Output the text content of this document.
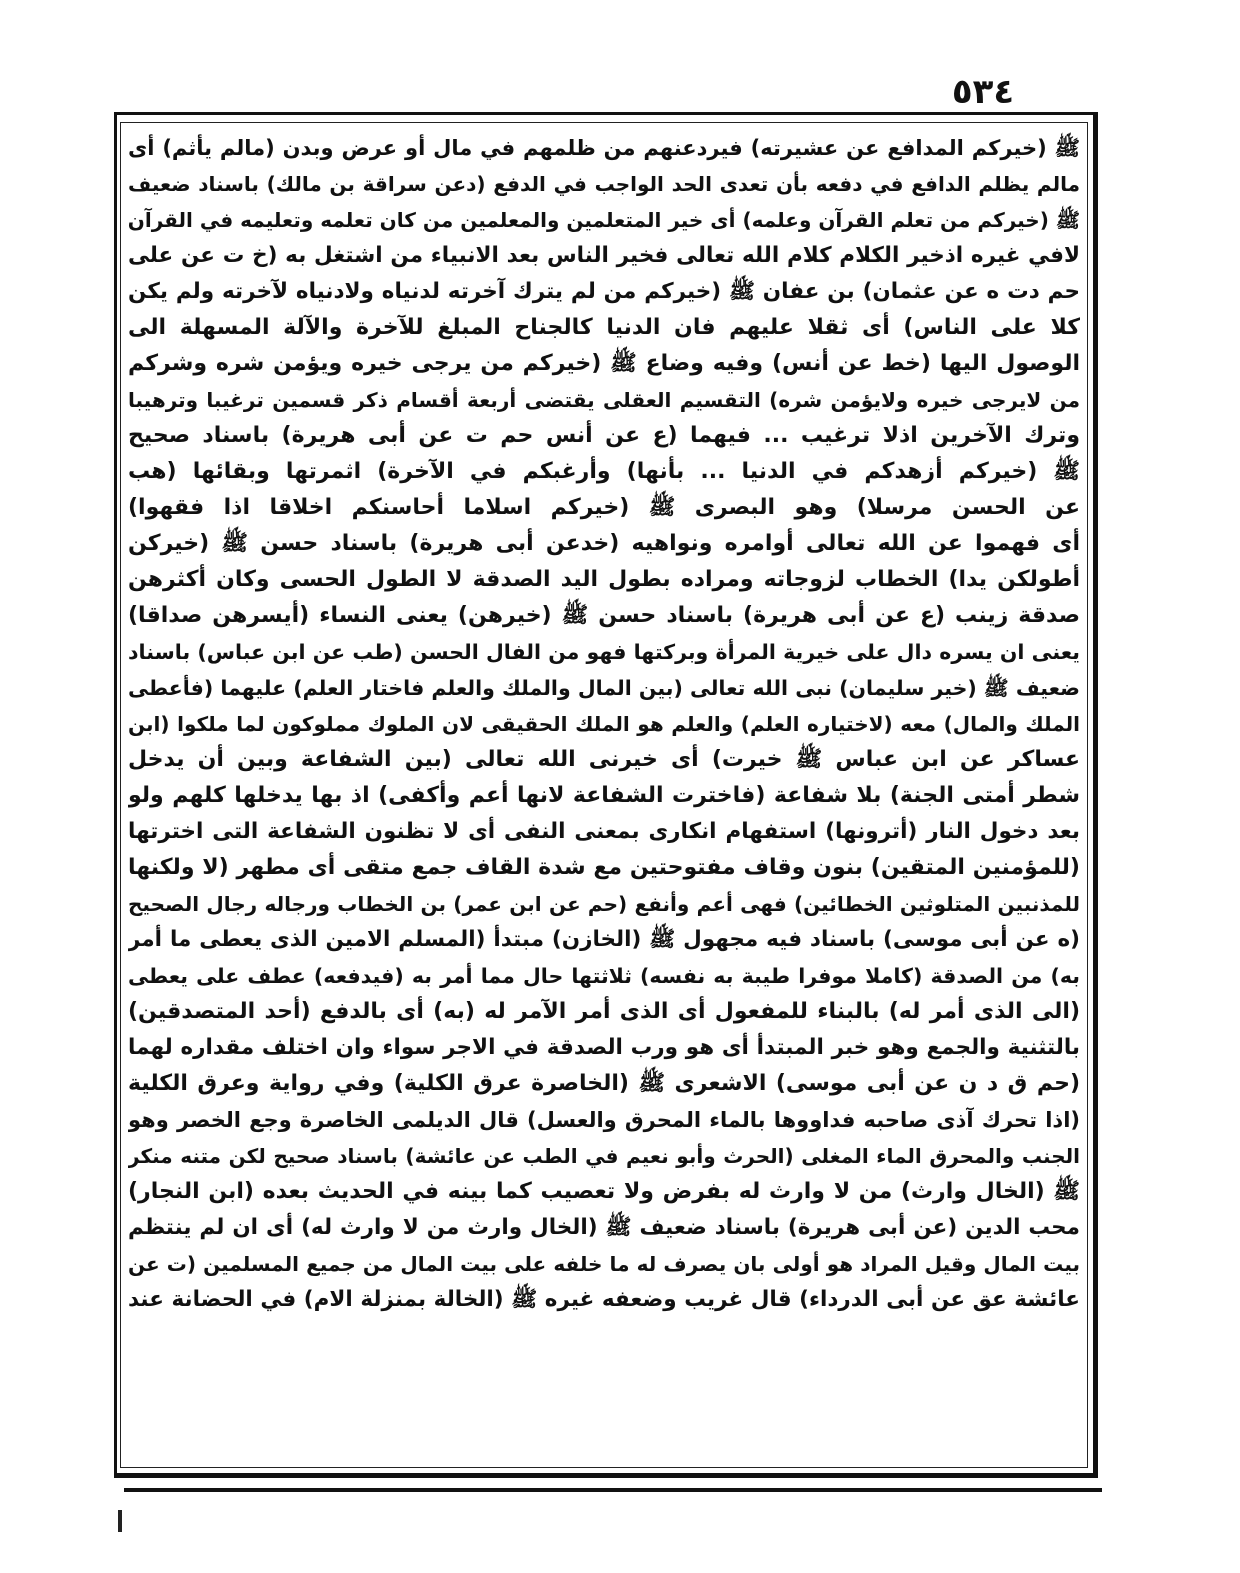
٥٣٤
ﷺ (خيركم المدافع عن عشيرته) فيردعنهم من ظلمهم في مال أو عرض وبدن (مالم يأثم) أى
مالم يظلم الدافع في دفعه بأن تعدى الحد الواجب في الدفع (دعن سراقة بن مالك) باسناد ضعيف
ﷺ (خيركم من تعلم القرآن وعلمه) أى خير المتعلمين والمعلمين من كان تعلمه وتعليمه في القرآن
لافي غيره اذخير الكلام كلام الله تعالى فخير الناس بعد الانبياء من اشتغل به (خ ت عن على
حم دت ه عن عثمان) بن عفان ﷺ (خيركم من لم يترك آخرته لدنياه ولادنياه لآخرته ولم يكن
كلا على الناس) أى ثقلا عليهم فان الدنيا كالجناح المبلغ للآخرة والآلة المسهلة الى
الوصول اليها (خط عن أنس) وفيه وضاع ﷺ (خيركم من يرجى خيره ويؤمن شره وشركم
من لايرجى خيره ولايؤمن شره) التقسيم العقلى يقتضى أربعة أقسام ذكر قسمين ترغيبا وترهيبا
وترك الآخرين اذلا ترغيب ... فيهما (ع عن أنس حم ت عن أبى هريرة) باسناد صحيح
ﷺ (خيركم أزهدكم في الدنيا ... بأنها) وأرغبكم في الآخرة) اثمرتها وبقائها (هب
عن الحسن مرسلا) وهو البصرى ﷺ (خيركم اسلاما أحاسنكم اخلاقا اذا فقهوا)
أى فهموا عن الله تعالى أوامره ونواهيه (خدعن أبى هريرة) باسناد حسن ﷺ (خيركن
أطولكن يدا) الخطاب لزوجاته ومراده بطول اليد الصدقة لا الطول الحسى وكان أكثرهن
صدقة زينب (ع عن أبى هريرة) باسناد حسن ﷺ (خيرهن) يعنى النساء (أيسرهن صداقا)
يعنى ان يسره دال على خيرية المرأة وبركتها فهو من الفال الحسن (طب عن ابن عباس) باسناد
ضعيف ﷺ (خير سليمان) نبى الله تعالى (بين المال والملك والعلم فاختار العلم) عليهما (فأعطى
الملك والمال) معه (لاختياره العلم) والعلم هو الملك الحقيقى لان الملوك مملوكون لما ملكوا (ابن
عساكر عن ابن عباس ﷺ خيرت) أى خيرنى الله تعالى (بين الشفاعة وبين أن يدخل
شطر أمتى الجنة) بلا شفاعة (فاخترت الشفاعة لانها أعم وأكفى) اذ بها يدخلها كلهم ولو
بعد دخول النار (أترونها) استفهام انكارى بمعنى النفى أى لا تظنون الشفاعة التى اخترتها
(للمؤمنين المتقين) بنون وقاف مفتوحتين مع شدة القاف جمع متقى أى مطهر (لا ولكنها
للمذنبين المتلوثين الخطائين) فهى أعم وأنفع (حم عن ابن عمر) بن الخطاب ورجاله رجال الصحيح
(ه عن أبى موسى) باسناد فيه مجهول ﷺ (الخازن) مبتدأ (المسلم الامين الذى يعطى ما أمر
به) من الصدقة (كاملا موفرا طيبة به نفسه) ثلاثتها حال مما أمر به (فيدفعه) عطف على يعطى
(الى الذى أمر له) بالبناء للمفعول أى الذى أمر الآمر له (به) أى بالدفع (أحد المتصدقين)
بالتثنية والجمع وهو خبر المبتدأ أى هو ورب الصدقة في الاجر سواء وان اختلف مقداره لهما
(حم ق د ن عن أبى موسى) الاشعرى ﷺ (الخاصرة عرق الكلية) وفي رواية وعرق الكلية
(اذا تحرك آذى صاحبه فداووها بالماء المحرق والعسل) قال الديلمى الخاصرة وجع الخصر وهو
الجنب والمحرق الماء المغلى (الحرث وأبو نعيم في الطب عن عائشة) باسناد صحيح لكن متنه منكر
ﷺ (الخال وارث) من لا وارث له بفرض ولا تعصيب كما بينه في الحديث بعده (ابن النجار)
محب الدين (عن أبى هريرة) باسناد ضعيف ﷺ (الخال وارث من لا وارث له) أى ان لم ينتظم
بيت المال وقيل المراد هو أولى بان يصرف له ما خلفه على بيت المال من جميع المسلمين (ت عن
عائشة عق عن أبى الدرداء) قال غريب وضعفه غيره ﷺ (الخالة بمنزلة الام) في الحضانة عند
